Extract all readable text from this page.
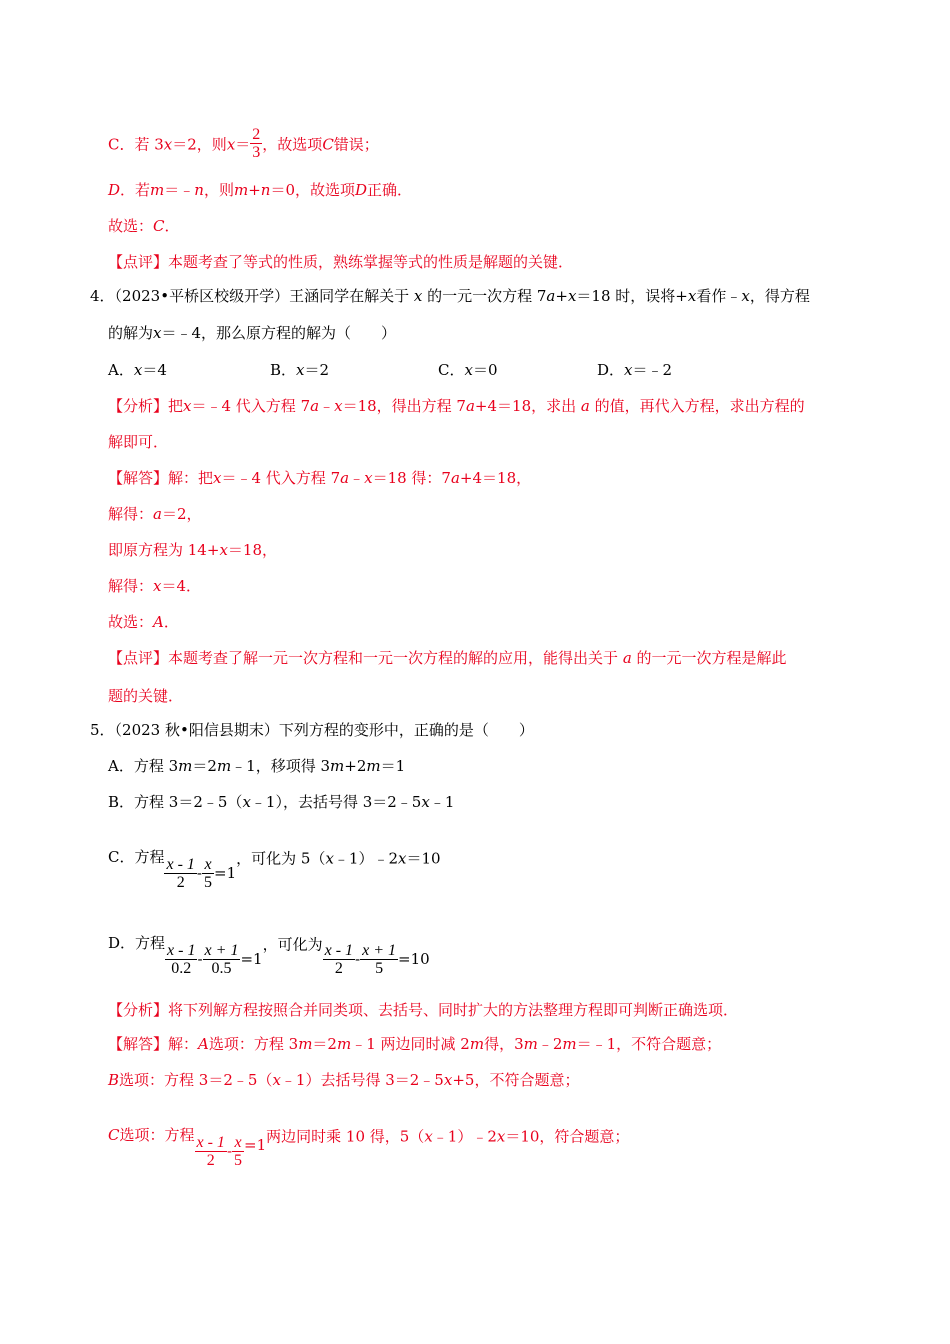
C．若 3x＝2，则$x= \frac{2}{3}$ ，故选项C错误；
D．若m＝﹣n，则m+n＝0，故选项D正确．
故选：C．
【点评】本题考查了等式的性质，熟练掌握等式的性质是解题的关键．
4．（2023•平桥区校级开学）王涵同学在解关于 x 的一元一次方程 7a+x＝18 时，误将+x看作﹣x，得方程
的解为x＝﹣4，那么原方程的解为（　　）
A．x＝4	B．x＝2	C．x＝0	D．x＝﹣2
【分析】把x＝﹣4 代入方程 7a﹣x＝18，得出方程 7a+4＝18，求出 a 的值，再代入方程，求出方程的
解即可．
【解答】解：把x＝﹣4 代入方程 7a﹣x＝18 得：7a+4＝18，
解得：a＝2，
即原方程为 14+x＝18，
解得：x＝4．
故选：A．
【点评】本题考查了解一元一次方程和一元一次方程的解的应用，能得出关于 a 的一元一次方程是解此
题的关键．
5．（2023 秋•阳信县期末）下列方程的变形中，正确的是（　　）
A．方程 3m＝2m﹣1，移项得 3m+2m＝1
B．方程 3＝2﹣5（x﹣1），去括号得 3＝2﹣5x﹣1
C．方程 $\frac{x - 1}{2} - \frac{x}{5} =1$，可化为 5（x﹣1）﹣2x＝10
D．方程 $\frac{x - 1}{0.2} - \frac{x + 1}{0.5} =1$，可化为 $\frac{x - 1}{2} - \frac{x + 1}{5} =10$
【分析】将下列解方程按照合并同类项、去括号、同时扩大的方法整理方程即可判断正确选项．
【解答】解：A选项：方程 3m＝2m﹣1 两边同时减 2m得，3m﹣2m＝﹣1，不符合题意；
B选项：方程 3＝2﹣5（x﹣1）去括号得 3＝2﹣5x+5，不符合题意；
C选项：方程 $\frac{x - 1}{2} - \frac{x}{5} =1$两边同时乘 10 得，5（x﹣1）﹣2x＝10，符合题意；
